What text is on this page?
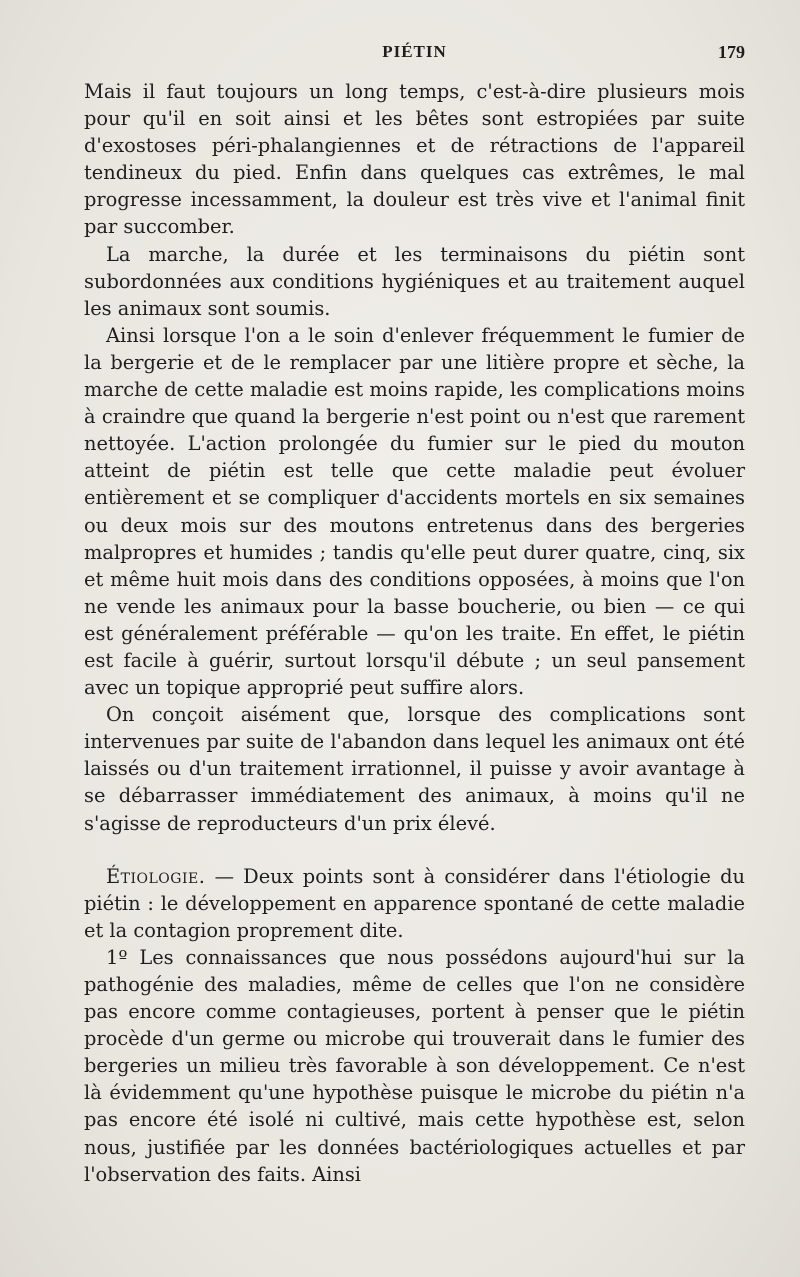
PIÉTIN	179

Mais il faut toujours un long temps, c'est-à-dire plusieurs mois pour qu'il en soit ainsi et les bêtes sont estropiées par suite d'exostoses péri-phalangiennes et de rétractions de l'appareil tendineux du pied. Enfin dans quelques cas extrêmes, le mal progresse incessamment, la douleur est très vive et l'animal finit par succomber.

La marche, la durée et les terminaisons du piétin sont subordonnées aux conditions hygiéniques et au traitement auquel les animaux sont soumis.

Ainsi lorsque l'on a le soin d'enlever fréquemment le fumier de la bergerie et de le remplacer par une litière propre et sèche, la marche de cette maladie est moins rapide, les complications moins à craindre que quand la bergerie n'est point ou n'est que rarement nettoyée. L'action prolongée du fumier sur le pied du mouton atteint de piétin est telle que cette maladie peut évoluer entièrement et se compliquer d'accidents mortels en six semaines ou deux mois sur des moutons entretenus dans des bergeries malpropres et humides ; tandis qu'elle peut durer quatre, cinq, six et même huit mois dans des conditions opposées, à moins que l'on ne vende les animaux pour la basse boucherie, ou bien — ce qui est généralement préférable — qu'on les traite. En effet, le piétin est facile à guérir, surtout lorsqu'il débute ; un seul pansement avec un topique approprié peut suffire alors.

On conçoit aisément que, lorsque des complications sont intervenues par suite de l'abandon dans lequel les animaux ont été laissés ou d'un traitement irrationnel, il puisse y avoir avantage à se débarrasser immédiatement des animaux, à moins qu'il ne s'agisse de reproducteurs d'un prix élevé.

Étiologie. — Deux points sont à considérer dans l'étiologie du piétin : le développement en apparence spontané de cette maladie et la contagion proprement dite.

1º Les connaissances que nous possédons aujourd'hui sur la pathogénie des maladies, même de celles que l'on ne considère pas encore comme contagieuses, portent à penser que le piétin procède d'un germe ou microbe qui trouverait dans le fumier des bergeries un milieu très favorable à son développement. Ce n'est là évidemment qu'une hypothèse puisque le microbe du piétin n'a pas encore été isolé ni cultivé, mais cette hypothèse est, selon nous, justifiée par les données bactériologiques actuelles et par l'observation des faits. Ainsi
